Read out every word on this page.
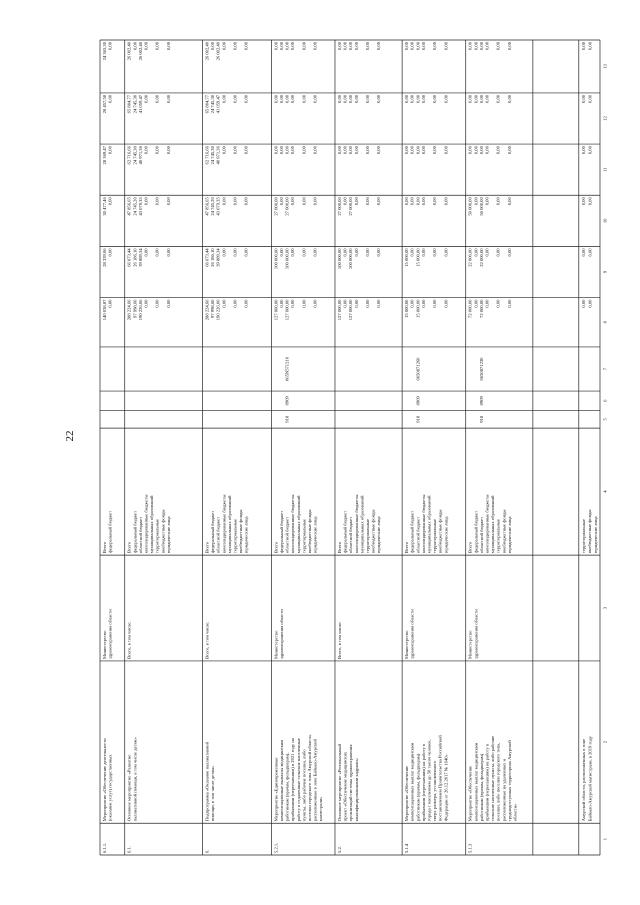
22
1
2
3
4
5
6
7
8
9
10
11
12
13
Амурской области, расположенных в зоне Байкало-Амурской магистрали, в 2019 году
территориальные внебюджетные фонды юридические лица
0,00
0,00
0,00
0,00
0,00
0,00
0,00
0,00
0,00
0,00
0,00
0,00
5.1.3
Мероприятие «Обеспечение компенсационных выплат медицинским работникам (врачам, фельдшерам) прибывшим (переехавшим) на работу в сельские населенные пункты, либо рабочие поселки, либо поселки городского типа, расположенные на удаленных и труднодоступных территориях Амурской области»
Министерство здравоохранения области
Всего
72 000,00
22 000,00
50 000,00
0,00
0,00
0,00
федеральный бюджет
0,00
0,00
0,00
0,00
0,00
0,00
областной бюджет
72 000,00
22 000,00
50 000,00
0,00
0,00
0,00
консолидированные бюджеты муниципальных образований
0,00
0,00
0,00
0,00
0,00
0,00
территориальные внебюджетные фонды
0,00
0,00
0,00
0,00
0,00
0,00
юридические лица
0,00
0,00
0,00
0,00
0,00
0,00
918
0909
0650871230
5.1.4
Мероприятие «Обеспечение компенсационных выплат медицинским работникам (врачам, фельдшерам) прибывшим (переехавшим) на работу в города с населением до 50 тысяч человек, сверх размера, установленного постановлением Правительства Российской Федерации от 26.12.2017 № 1640»
Министерство здравоохранения области
Всего
15 000,00
15 000,00
0,00
0,00
0,00
0,00
федеральный бюджет
0,00
0,00
0,00
0,00
0,00
0,00
областной бюджет
15 000,00
15 000,00
0,00
0,00
0,00
0,00
консолидированные бюджеты муниципальных образований
0,00
0,00
0,00
0,00
0,00
0,00
территориальные внебюджетные фонды
0,00
0,00
0,00
0,00
0,00
0,00
юридические лица
0,00
0,00
0,00
0,00
0,00
0,00
918
0909
0650871260
5.2.
Основное мероприятие «Региональный проект «Обеспечение медицинских организаций системы здравоохранения квалифицированными кадрами»
Всего, в том числе:
Всего
127 000,00
100 000,00
27 000,00
0,00
0,00
0,00
федеральный бюджет
0,00
0,00
0,00
0,00
0,00
0,00
областной бюджет
127 000,00
100 000,00
27 000,00
0,00
0,00
0,00
консолидированные бюджеты муниципальных образований
0,00
0,00
0,00
0,00
0,00
0,00
территориальные внебюджетные фонды
0,00
0,00
0,00
0,00
0,00
0,00
юридические лица
0,00
0,00
0,00
0,00
0,00
0,00
5.2.1.
Мероприятие «Единовременные компенсационные выплаты медицинским работникам (врачам, фельдшерам), прибывшим (переехавшим) в 2021 году на работу в отдаленные сельские населенные пункты, либо рабочие поселки, либо поселки городского типа Амурской области, расположенные в зоне Байкало-Амурской магистрали»
Министерство здравоохранения области
Всего
127 000,00
100 000,00
27 000,00
0,00
0,00
0,00
федеральный бюджет
0,00
0,00
0,00
0,00
0,00
0,00
областной бюджет
127 000,00
100 000,00
27 000,00
0,00
0,00
0,00
консолидированные бюджеты муниципальных образований
0,00
0,00
0,00
0,00
0,00
0,00
территориальные внебюджетные фонды
0,00
0,00
0,00
0,00
0,00
0,00
юридические лица
0,00
0,00
0,00
0,00
0,00
0,00
918
0909
065N571210
6.
Подпрограмма «Оказание паллиативной помощи, в том числе детям»
Всего, в том числе:
Всего
288 224,66
66 073,44
47 856,65
62 716,66
65 804,77
26 002,40
федеральный бюджет
97 998,60
26 186,10
24 745,20
24 745,30
24 745,30
0,00
областной бюджет
190 226,06
39 889,34
43 079,35
40 971,36
41 059,47
26 002,40
консолидированные бюджеты муниципальных образований
0,00
0,00
0,00
0,00
0,00
0,00
территориальные внебюджетные фонды
0,00
0,00
0,00
0,00
0,00
0,00
юридические лица
0,00
0,00
0,00
0,00
0,00
0,00
6.1.
Основное мероприятие «Развитие паллиативной помощи, в том числе детям»
Всего, в том числе:
Всего
288 224,66
66 073,44
47 856,65
62 716,66
65 804,77
26 002,40
федеральный бюджет
97 998,60
26 186,10
24 745,20
24 745,30
24 745,30
0,00
областной бюджет
190 226,06
39 889,34
43 079,35
40 971,36
41 059,47
26 002,40
консолидированные бюджеты муниципальных образований
0,00
0,00
0,00
0,00
0,00
0,00
территориальные внебюджетные фонды
0,00
0,00
0,00
0,00
0,00
0,00
юридические лица
0,00
0,00
0,00
0,00
0,00
0,00
6.1.1.
Мероприятие «Обеспечение деятельности (оказание услуг) государственных
Министерство здравоохранения области
Всего
140 038,87
28 339,06
30 477,46
28 369,47
28 457,58
24 365,30
федеральный бюджет
0,00
0,00
0,00
0,00
0,00
0,00
